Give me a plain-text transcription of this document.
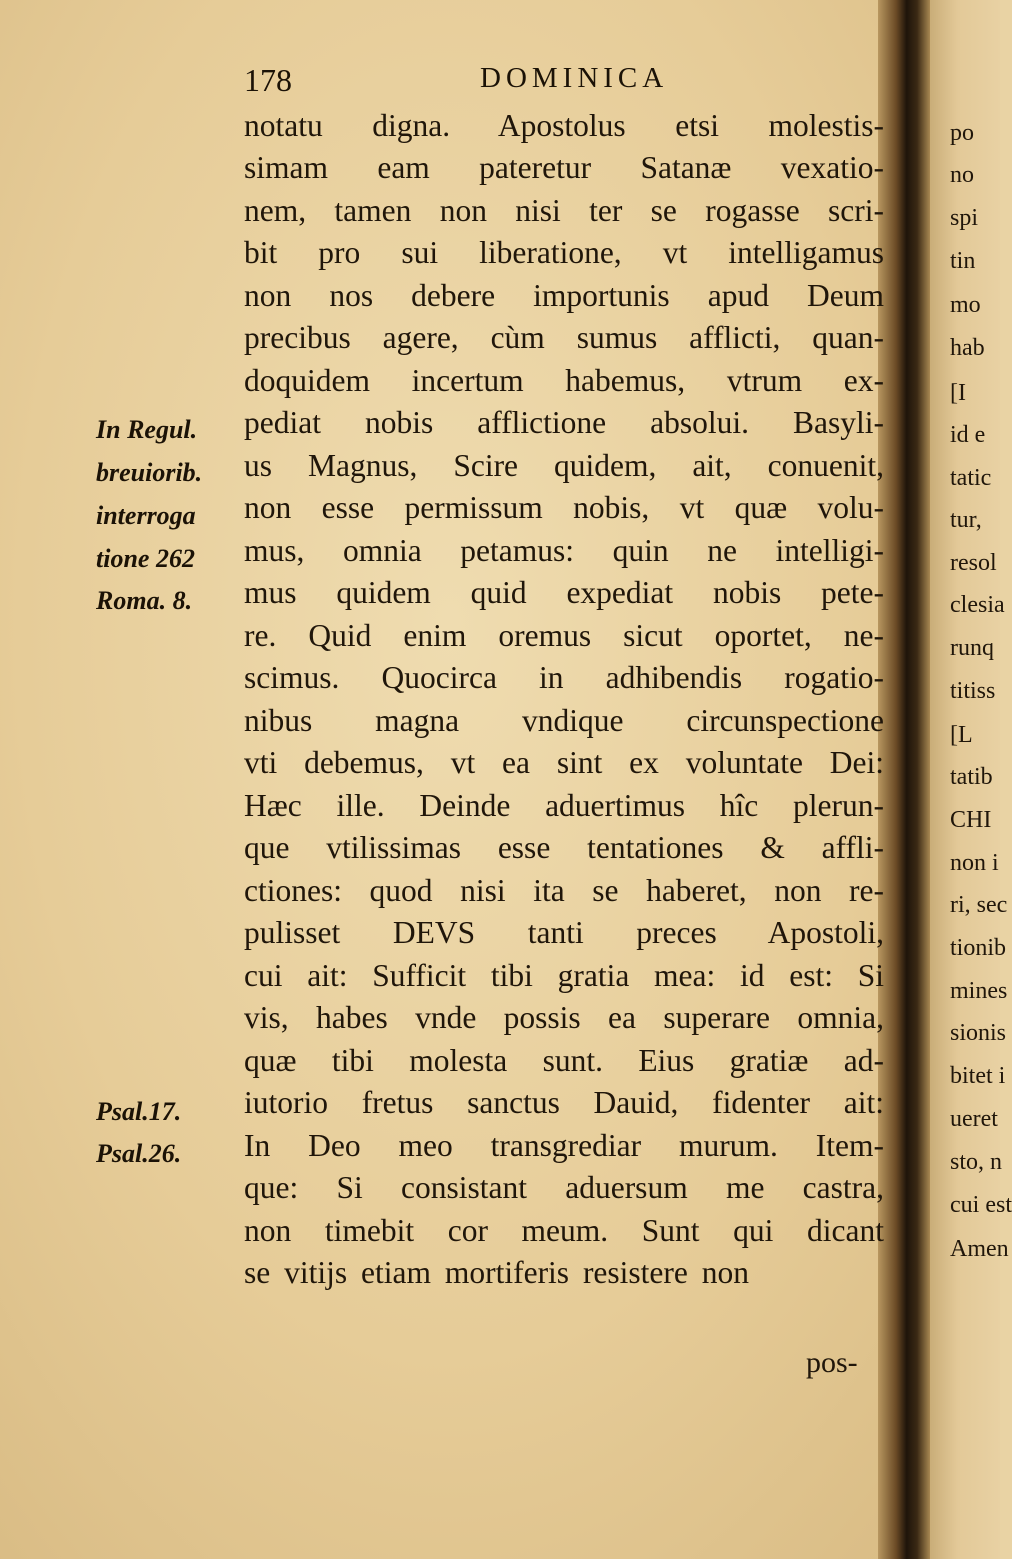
178	DOMINICA
notatu digna. Apostolus etsi molestis-
simam eam pateretur Satanæ vexatio-
nem, tamen non nisi ter se rogasse scri-
bit pro sui liberatione, vt intelligamus
non nos debere importunis apud Deum
precibus agere, cùm sumus afflicti, quan-
doquidem incertum habemus, vtrum ex-
pediat nobis afflictione absolui. Basyli-
us Magnus, Scire quidem, ait, conuenit,
non esse permissum nobis, vt quæ volu-
mus, omnia petamus: quin ne intelligi-
mus quidem quid expediat nobis pete-
re. Quid enim oremus sicut oportet, ne-
scimus. Quocirca in adhibendis rogatio-
nibus magna vndique circunspectione
vti debemus, vt ea sint ex voluntate Dei:
Hæc ille. Deinde aduertimus hîc plerun-
que vtilissimas esse tentationes & affli-
ctiones: quod nisi ita se haberet, non re-
pulisset DEVS tanti preces Apostoli,
cui ait: Sufficit tibi gratia mea: id est: Si
vis, habes vnde possis ea superare omnia,
quæ tibi molesta sunt. Eius gratiæ ad-
iutorio fretus sanctus Dauid, fidenter ait:
In Deo meo transgrediar murum. Item-
que: Si consistant aduersum me castra,
non timebit cor meum. Sunt qui dicant
se vitijs etiam mortiferis resistere non
pos-
In Regul.
breuiorib.
interroga
tione 262
Roma. 8.
Psal.17.
Psal.26.
po
no
spi
tin
mo
hab
[I
id e
tatic
tur,
resol
clesia
runq
titiss
[L
tatib
CHI
non i
ri, sec
tionib
mines
sionis
bitet i
ueret
sto, n
cui est
Amen
